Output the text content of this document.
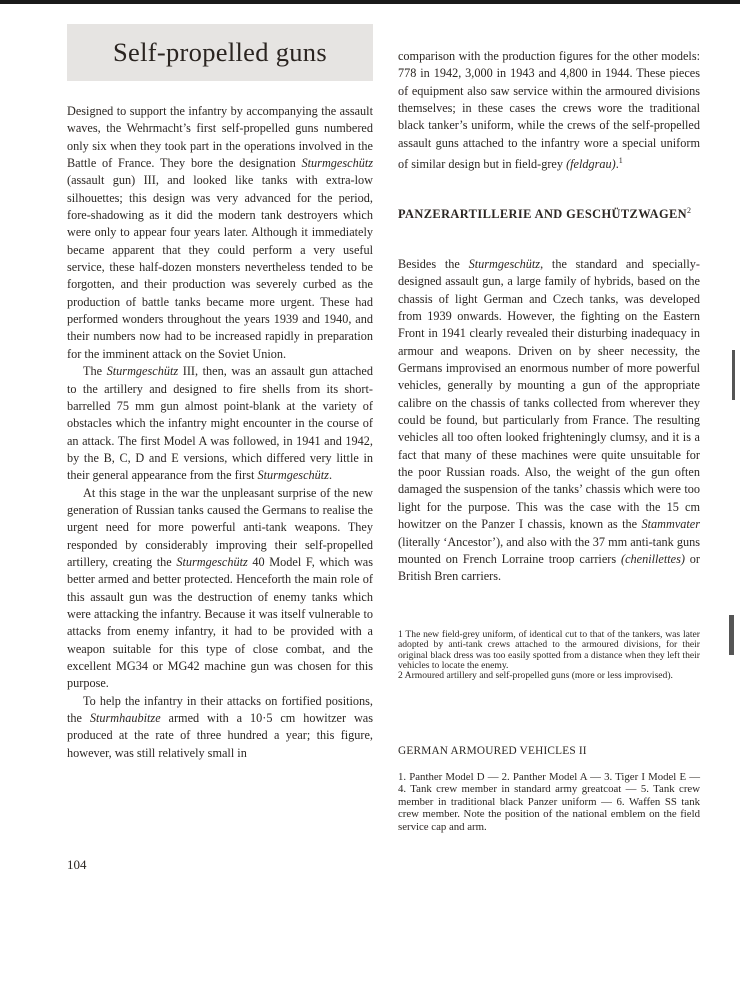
Self-propelled guns

Designed to support the infantry by accompanying the assault waves, the Wehrmacht’s first self-propelled guns numbered only six when they took part in the operations involved in the Battle of France. They bore the designation Sturmgeschütz (assault gun) III, and looked like tanks with extra-low silhouettes; this design was very advanced for the period, fore-shadowing as it did the modern tank destroyers which were only to appear four years later. Although it immediately became apparent that they could perform a very useful service, these half-dozen monsters nevertheless tended to be forgotten, and their production was severely curbed as the production of battle tanks became more urgent. These had performed wonders throughout the years 1939 and 1940, and their numbers now had to be increased rapidly in preparation for the imminent attack on the Soviet Union.

The Sturmgeschütz III, then, was an assault gun attached to the artillery and designed to fire shells from its short-barrelled 75 mm gun almost point-blank at the variety of obstacles which the infantry might encounter in the course of an attack. The first Model A was followed, in 1941 and 1942, by the B, C, D and E versions, which differed very little in their general appearance from the first Sturmgeschütz.

At this stage in the war the unpleasant surprise of the new generation of Russian tanks caused the Germans to realise the urgent need for more powerful anti-tank weapons. They responded by considerably improving their self-propelled artillery, creating the Sturmgeschütz 40 Model F, which was better armed and better protected. Henceforth the main role of this assault gun was the destruction of enemy tanks which were attacking the infantry. Because it was itself vulnerable to attacks from enemy infantry, it had to be provided with a weapon suitable for this type of close combat, and the excellent MG34 or MG42 machine gun was chosen for this purpose.

To help the infantry in their attacks on fortified positions, the Sturmhaubitze armed with a 10·5 cm howitzer was produced at the rate of three hundred a year; this figure, however, was still relatively small in

comparison with the production figures for the other models: 778 in 1942, 3,000 in 1943 and 4,800 in 1944. These pieces of equipment also saw service within the armoured divisions themselves; in these cases the crews wore the traditional black tanker’s uniform, while the crews of the self-propelled assault guns attached to the infantry wore a special uniform of similar design but in field-grey (feldgrau).$^1$

PANZERARTILLERIE AND GESCHÜTZWAGEN$^2$

Besides the Sturmgeschütz, the standard and specially-designed assault gun, a large family of hybrids, based on the chassis of light German and Czech tanks, was developed from 1939 onwards. However, the fighting on the Eastern Front in 1941 clearly revealed their disturbing inadequacy in armour and weapons. Driven on by sheer necessity, the Germans improvised an enormous number of more powerful vehicles, generally by mounting a gun of the appropriate calibre on the chassis of tanks collected from wherever they could be found, but particularly from France. The resulting vehicles all too often looked frighteningly clumsy, and it is a fact that many of these machines were quite unsuitable for the poor Russian roads. Also, the weight of the gun often damaged the suspension of the tanks’ chassis which were too light for the purpose. This was the case with the 15 cm howitzer on the Panzer I chassis, known as the Stammvater (literally ‘Ancestor’), and also with the 37 mm anti-tank guns mounted on French Lorraine troop carriers (chenillettes) or British Bren carriers.

1 The new field-grey uniform, of identical cut to that of the tankers, was later adopted by anti-tank crews attached to the armoured divisions, for their original black dress was too easily spotted from a distance when they left their vehicles to locate the enemy.

2 Armoured artillery and self-propelled guns (more or less improvised).

GERMAN ARMOURED VEHICLES II
1. Panther Model D — 2. Panther Model A — 3. Tiger I Model E — 4. Tank crew member in standard army greatcoat — 5. Tank crew member in traditional black Panzer uniform — 6. Waffen SS tank crew member. Note the position of the national emblem on the field service cap and arm.
104
